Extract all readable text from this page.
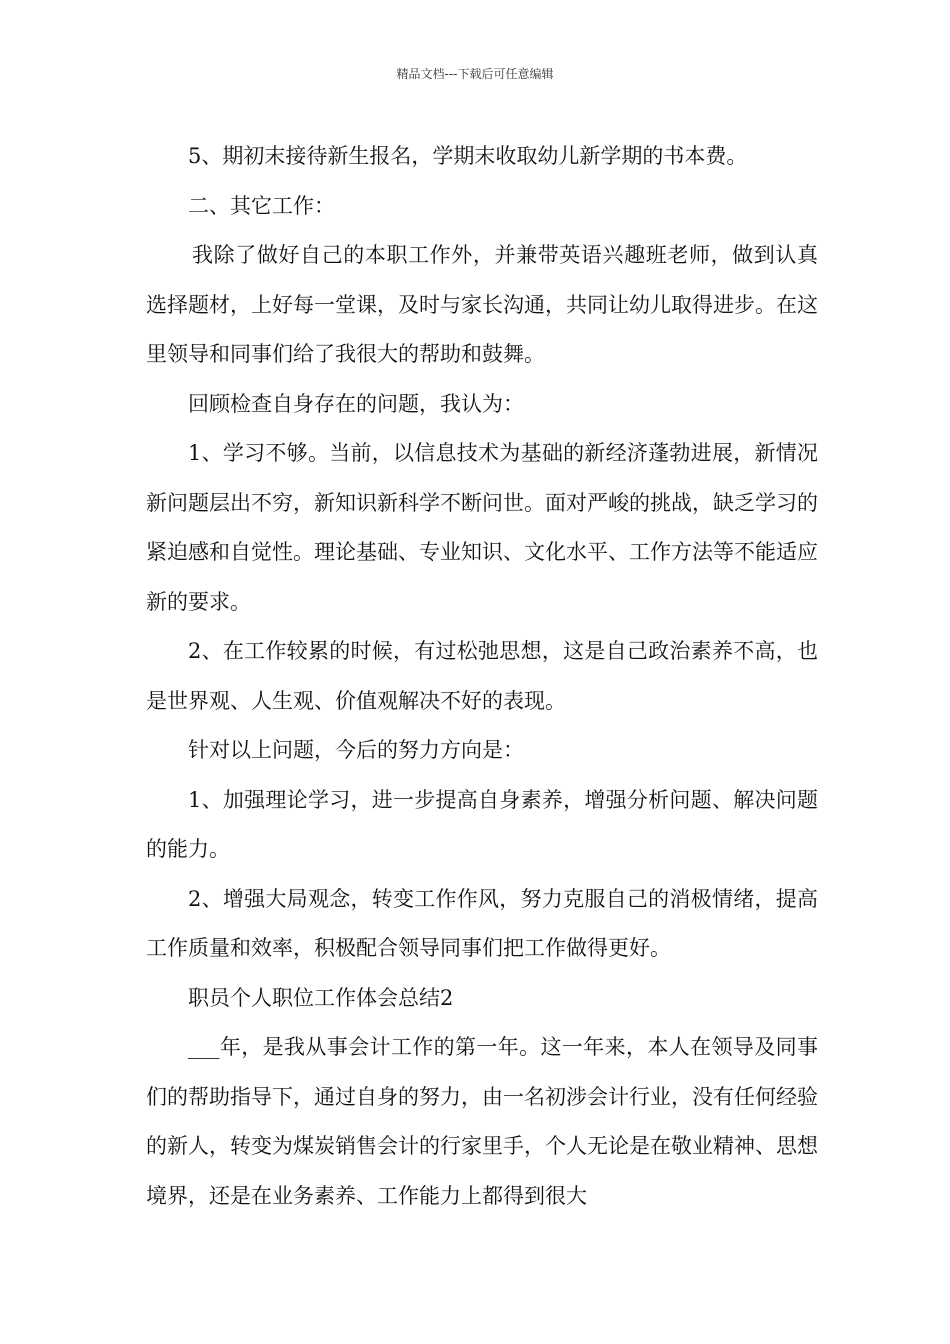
精品文档---下载后可任意编辑

5、期初末接待新生报名，学期末收取幼儿新学期的书本费。

二、其它工作：

我除了做好自己的本职工作外，并兼带英语兴趣班老师，做到认真选择题材，上好每一堂课，及时与家长沟通，共同让幼儿取得进步。在这里领导和同事们给了我很大的帮助和鼓舞。

回顾检查自身存在的问题，我认为：

1、学习不够。当前，以信息技术为基础的新经济蓬勃进展，新情况新问题层出不穷，新知识新科学不断问世。面对严峻的挑战，缺乏学习的紧迫感和自觉性。理论基础、专业知识、文化水平、工作方法等不能适应新的要求。

2、在工作较累的时候，有过松弛思想，这是自己政治素养不高，也是世界观、人生观、价值观解决不好的表现。

针对以上问题，今后的努力方向是：

1、加强理论学习，进一步提高自身素养，增强分析问题、解决问题的能力。

2、增强大局观念，转变工作作风，努力克服自己的消极情绪，提高工作质量和效率，积极配合领导同事们把工作做得更好。

职员个人职位工作体会总结2

___年，是我从事会计工作的第一年。这一年来，本人在领导及同事们的帮助指导下，通过自身的努力，由一名初涉会计行业，没有任何经验的新人，转变为煤炭销售会计的行家里手，个人无论是在敬业精神、思想境界，还是在业务素养、工作能力上都得到很大
